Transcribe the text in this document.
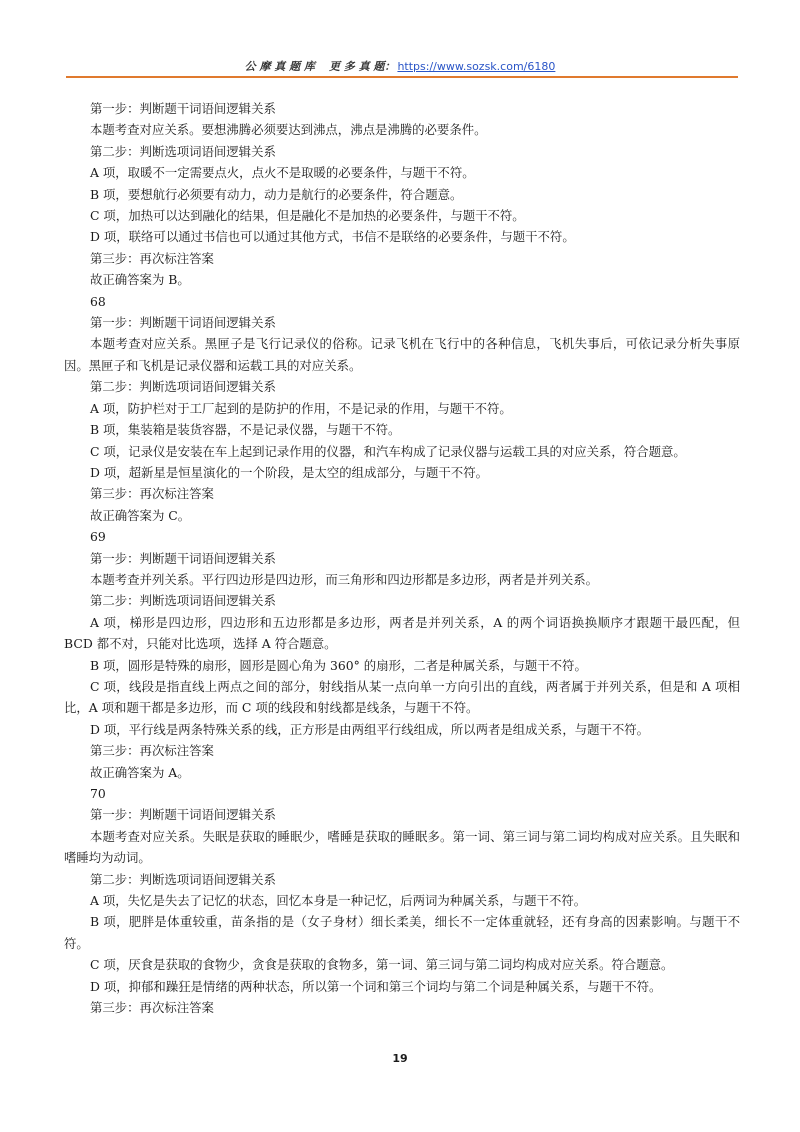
公 摩 真 题 库 更 多 真 题： https://www.sozsk.com/6180

第一步：判断题干词语间逻辑关系

本题考查对应关系。要想沸腾必须要达到沸点，沸点是沸腾的必要条件。

第二步：判断选项词语间逻辑关系

A 项，取暖不一定需要点火，点火不是取暖的必要条件，与题干不符。

B 项，要想航行必须要有动力，动力是航行的必要条件，符合题意。

C 项，加热可以达到融化的结果，但是融化不是加热的必要条件，与题干不符。

D 项，联络可以通过书信也可以通过其他方式，书信不是联络的必要条件，与题干不符。

第三步：再次标注答案

故正确答案为 B。

68

第一步：判断题干词语间逻辑关系

本题考查对应关系。黑匣子是飞行记录仪的俗称。记录飞机在飞行中的各种信息，飞机失事后，可依记录分析失事原因。黑匣子和飞机是记录仪器和运载工具的对应关系。

第二步：判断选项词语间逻辑关系

A 项，防护栏对于工厂起到的是防护的作用，不是记录的作用，与题干不符。

B 项，集装箱是装货容器，不是记录仪器，与题干不符。

C 项，记录仪是安装在车上起到记录作用的仪器，和汽车构成了记录仪器与运载工具的对应关系，符合题意。

D 项，超新星是恒星演化的一个阶段，是太空的组成部分，与题干不符。

第三步：再次标注答案

故正确答案为 C。

69

第一步：判断题干词语间逻辑关系

本题考查并列关系。平行四边形是四边形，而三角形和四边形都是多边形，两者是并列关系。

第二步：判断选项词语间逻辑关系

A 项，梯形是四边形，四边形和五边形都是多边形，两者是并列关系，A 的两个词语换换顺序才跟题干最匹配，但 BCD 都不对，只能对比选项，选择 A 符合题意。

B 项，圆形是特殊的扇形，圆形是圆心角为 360° 的扇形，二者是种属关系，与题干不符。

C 项，线段是指直线上两点之间的部分，射线指从某一点向单一方向引出的直线，两者属于并列关系，但是和 A 项相比，A 项和题干都是多边形，而 C 项的线段和射线都是线条，与题干不符。

D 项，平行线是两条特殊关系的线，正方形是由两组平行线组成，所以两者是组成关系，与题干不符。

第三步：再次标注答案

故正确答案为 A。

70

第一步：判断题干词语间逻辑关系

本题考查对应关系。失眠是获取的睡眠少，嗜睡是获取的睡眠多。第一词、第三词与第二词均构成对应关系。且失眠和嗜睡均为动词。

第二步：判断选项词语间逻辑关系

A 项，失忆是失去了记忆的状态，回忆本身是一种记忆，后两词为种属关系，与题干不符。

B 项，肥胖是体重较重，苗条指的是（女子身材）细长柔美，细长不一定体重就轻，还有身高的因素影响。与题干不符。

C 项，厌食是获取的食物少，贪食是获取的食物多，第一词、第三词与第二词均构成对应关系。符合题意。

D 项，抑郁和躁狂是情绪的两种状态，所以第一个词和第三个词均与第二个词是种属关系，与题干不符。

第三步：再次标注答案

19
